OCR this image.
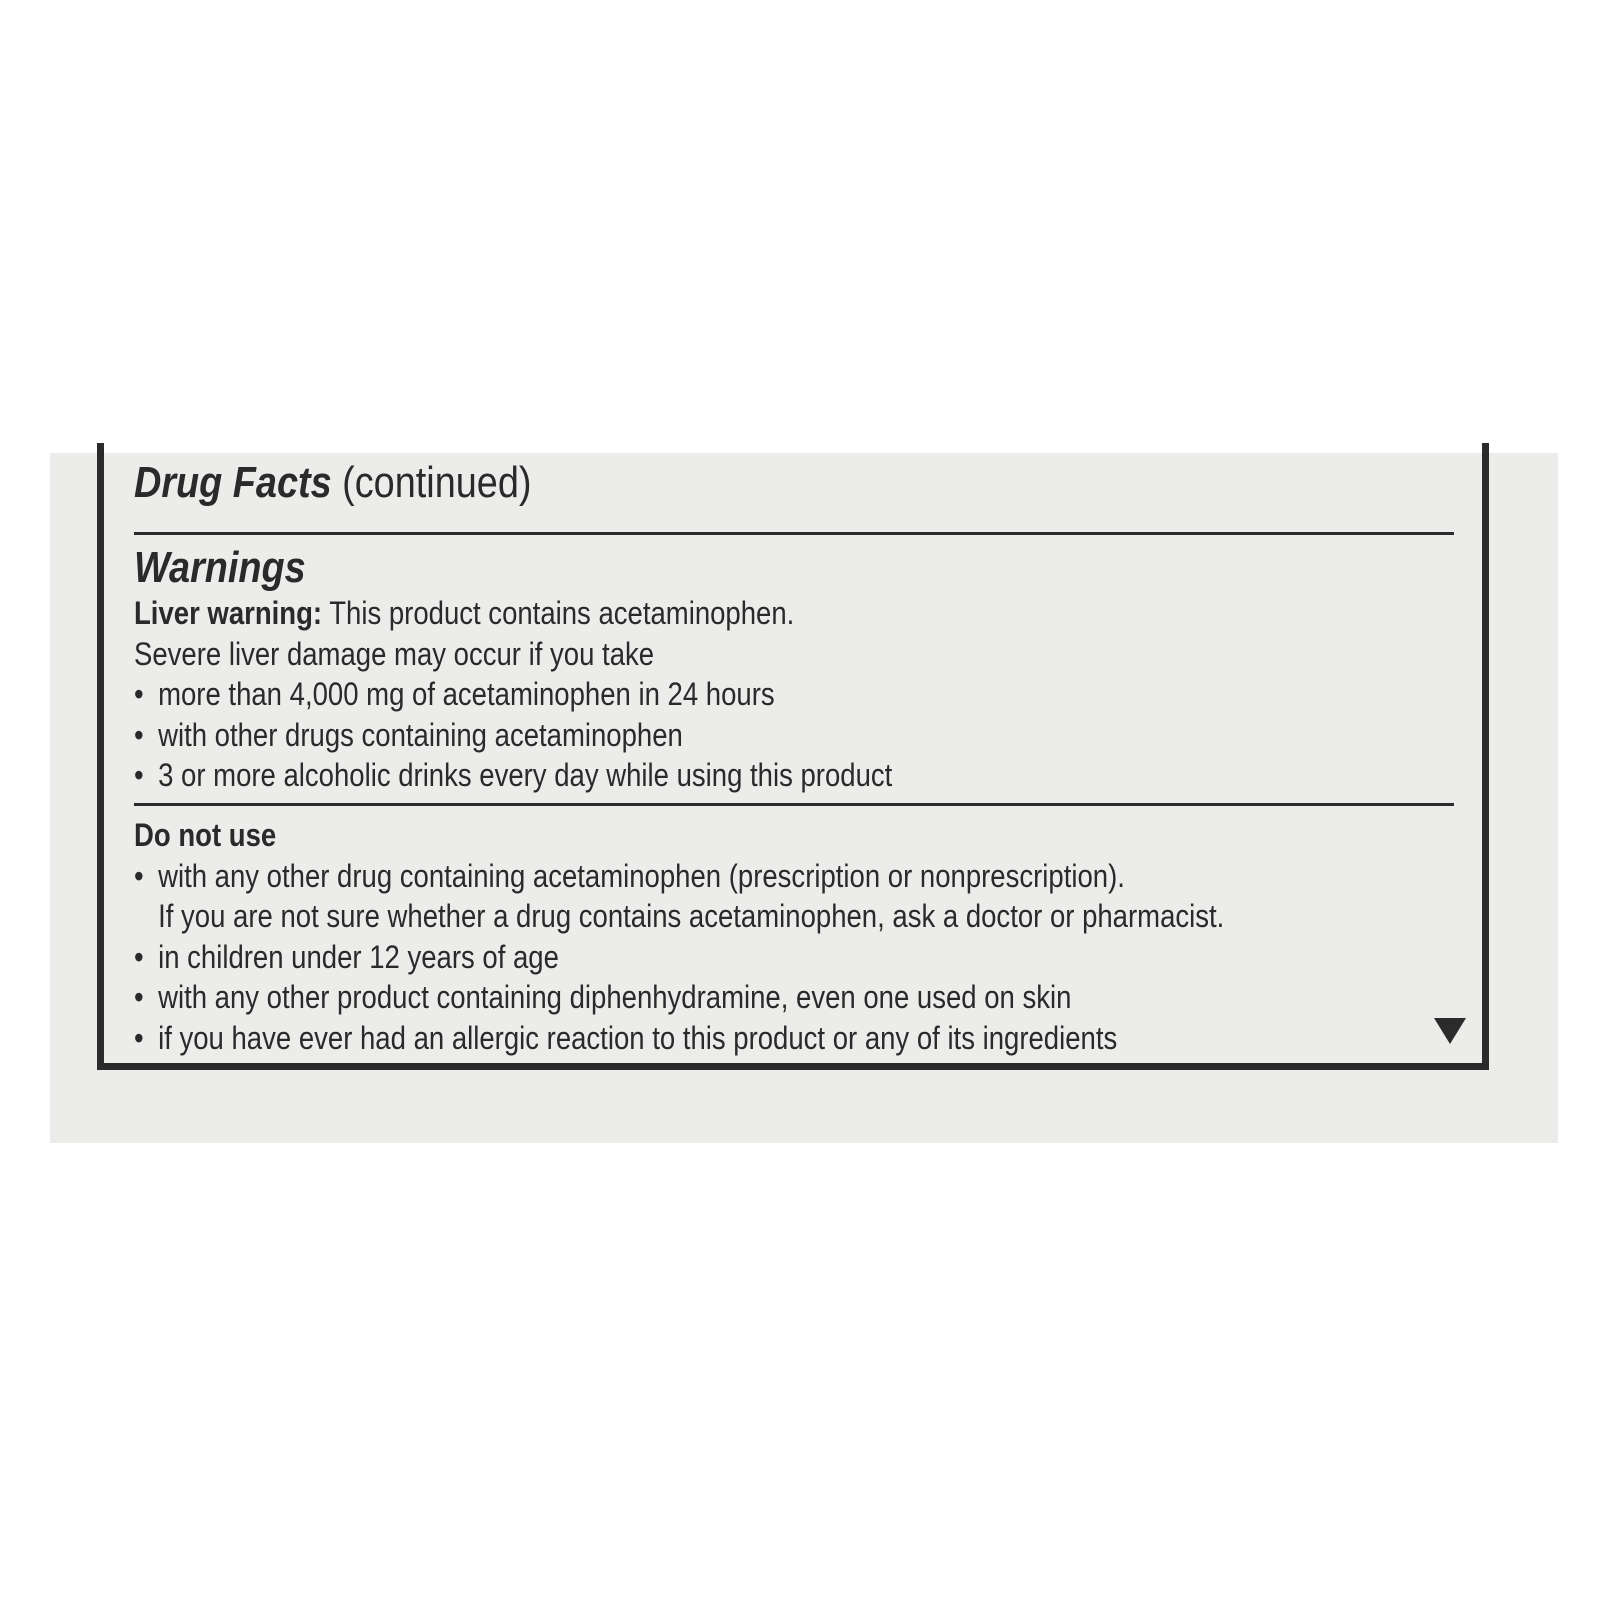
Drug Facts (continued)
Warnings
Liver warning: This product contains acetaminophen.
Severe liver damage may occur if you take
• more than 4,000 mg of acetaminophen in 24 hours
• with other drugs containing acetaminophen
• 3 or more alcoholic drinks every day while using this product
Do not use
• with any other drug containing acetaminophen (prescription or nonprescription).
If you are not sure whether a drug contains acetaminophen, ask a doctor or pharmacist.
• in children under 12 years of age
• with any other product containing diphenhydramine, even one used on skin
• if you have ever had an allergic reaction to this product or any of its ingredients
